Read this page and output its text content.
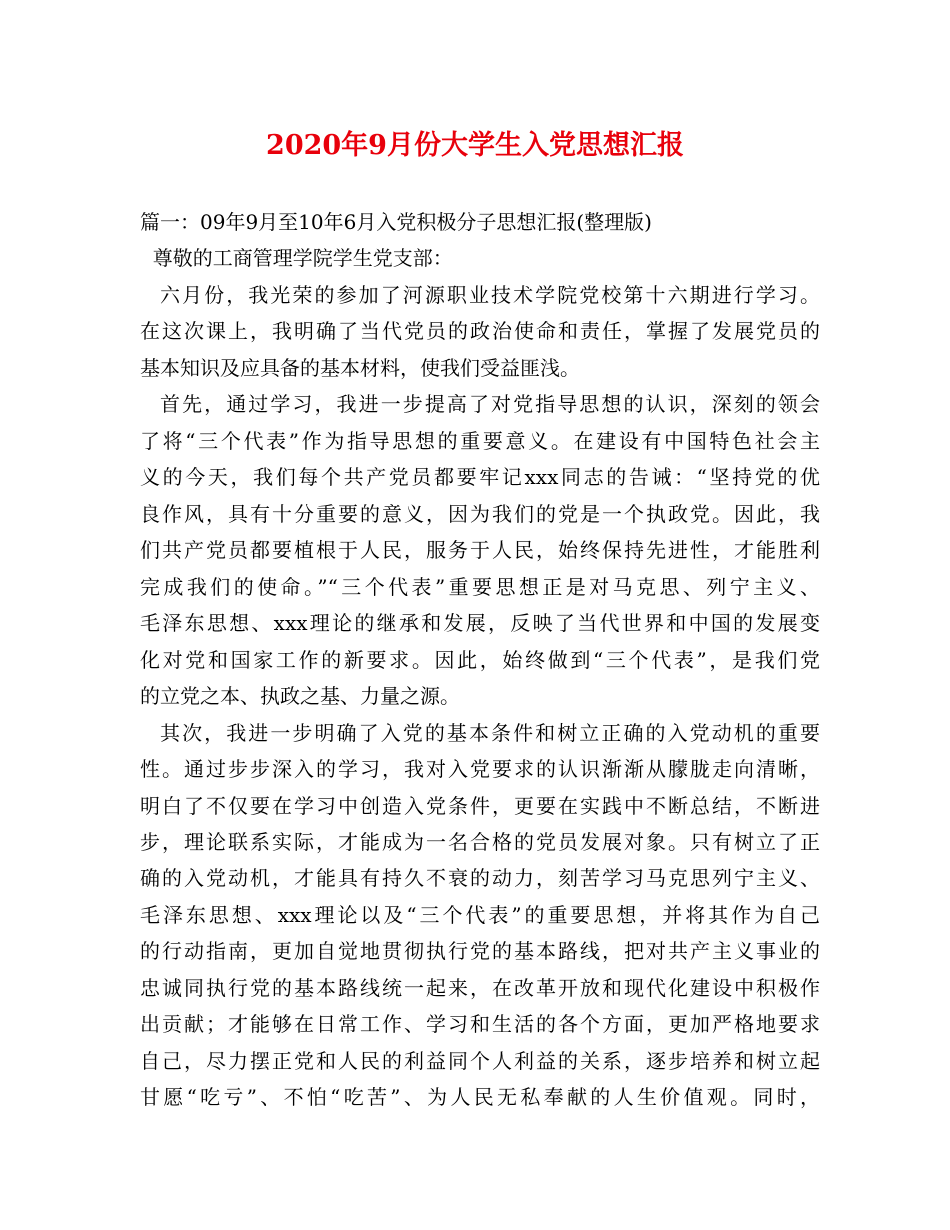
2020年9月份大学生入党思想汇报
篇一：09年9月至10年6月入党积极分子思想汇报(整理版)
尊敬的工商管理学院学生党支部：
六月份，我光荣的参加了河源职业技术学院党校第十六期进行学习。
在这次课上，我明确了当代党员的政治使命和责任，掌握了发展党员的
基本知识及应具备的基本材料，使我们受益匪浅。
首先，通过学习，我进一步提高了对党指导思想的认识，深刻的领会
了将“三个代表”作为指导思想的重要意义。在建设有中国特色社会主
义的今天，我们每个共产党员都要牢记xxx同志的告诫：“坚持党的优
良作风，具有十分重要的意义，因为我们的党是一个执政党。因此，我
们共产党员都要植根于人民，服务于人民，始终保持先进性，才能胜利
完成我们的使命。”“三个代表”重要思想正是对马克思、列宁主义、
毛泽东思想、xxx理论的继承和发展，反映了当代世界和中国的发展变
化对党和国家工作的新要求。因此，始终做到“三个代表”，是我们党
的立党之本、执政之基、力量之源。
其次，我进一步明确了入党的基本条件和树立正确的入党动机的重要
性。通过步步深入的学习，我对入党要求的认识渐渐从朦胧走向清晰，
明白了不仅要在学习中创造入党条件，更要在实践中不断总结，不断进
步，理论联系实际，才能成为一名合格的党员发展对象。只有树立了正
确的入党动机，才能具有持久不衰的动力，刻苦学习马克思列宁主义、
毛泽东思想、xxx理论以及“三个代表”的重要思想，并将其作为自己
的行动指南，更加自觉地贯彻执行党的基本路线，把对共产主义事业的
忠诚同执行党的基本路线统一起来，在改革开放和现代化建设中积极作
出贡献；才能够在日常工作、学习和生活的各个方面，更加严格地要求
自己，尽力摆正党和人民的利益同个人利益的关系，逐步培养和树立起
甘愿“吃亏”、不怕“吃苦”、为人民无私奉献的人生价值观。同时，
